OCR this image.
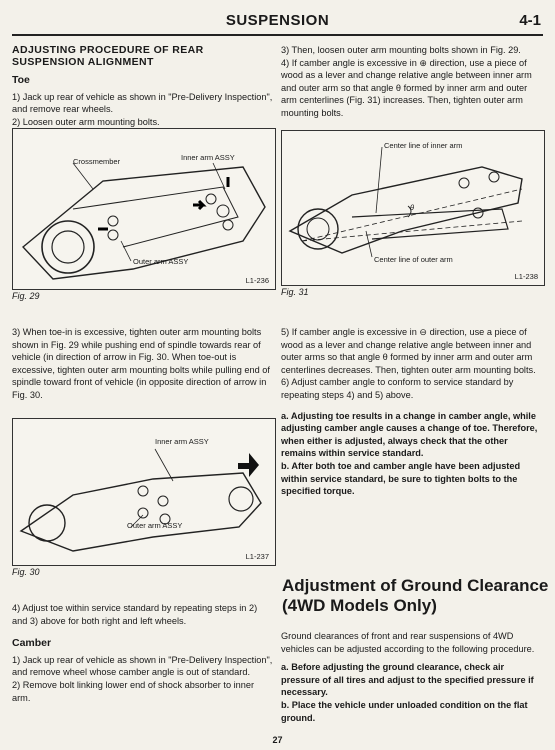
SUSPENSION	4-1
ADJUSTING PROCEDURE OF REAR SUSPENSION ALIGNMENT
Toe

1) Jack up rear of vehicle as shown in "Pre-Delivery Inspection", and remove rear wheels.

2) Loosen outer arm mounting bolts.

Crossmember	Inner arm ASSY
Outer arm ASSY
L1-236
Fig. 29

3) When toe-in is excessive, tighten outer arm mounting bolts shown in Fig. 29 while pushing end of spindle towards rear of vehicle (in direction of arrow in Fig. 30. When toe-out is excessive, tighten outer arm mounting bolts while pulling end of spindle toward front of vehicle (in opposite direction of arrow in Fig. 30.

Inner arm ASSY
Outer arm ASSY
L1-237
Fig. 30

4) Adjust toe within service standard by repeating steps in 2) and 3) above for both right and left wheels.

Camber

1) Jack up rear of vehicle as shown in "Pre-Delivery Inspection", and remove wheel whose camber angle is out of standard.

2) Remove bolt linking lower end of shock absorber to inner arm.

3) Then, loosen outer arm mounting bolts shown in Fig. 29.

4) If camber angle is excessive in ⊕ direction, use a piece of wood as a lever and change relative angle between inner arm and outer arm so that angle θ formed by inner arm and outer arm centerlines (Fig. 31) increases. Then, tighten outer arm mounting bolts.

Center line of inner arm
Center line of outer arm
θ
L1-238
Fig. 31

5) If camber angle is excessive in ⊖ direction, use a piece of wood as a lever and change relative angle between inner and outer arms so that angle θ formed by inner arm and outer arm centerlines decreases. Then, tighten outer arm mounting bolts.

6) Adjust camber angle to conform to service standard by repeating steps 4) and 5) above.

a. Adjusting toe results in a change in camber angle, while adjusting camber angle causes a change of toe. Therefore, when either is adjusted, always check that the other remains within service standard.

b. After both toe and camber angle have been adjusted within service standard, be sure to tighten bolts to the specified torque.

Adjustment of Ground Clearance (4WD Models Only)

Ground clearances of front and rear suspensions of 4WD vehicles can be adjusted according to the following procedure.

a. Before adjusting the ground clearance, check air pressure of all tires and adjust to the specified pressure if necessary.

b. Place the vehicle under unloaded condition on the flat ground.

27
